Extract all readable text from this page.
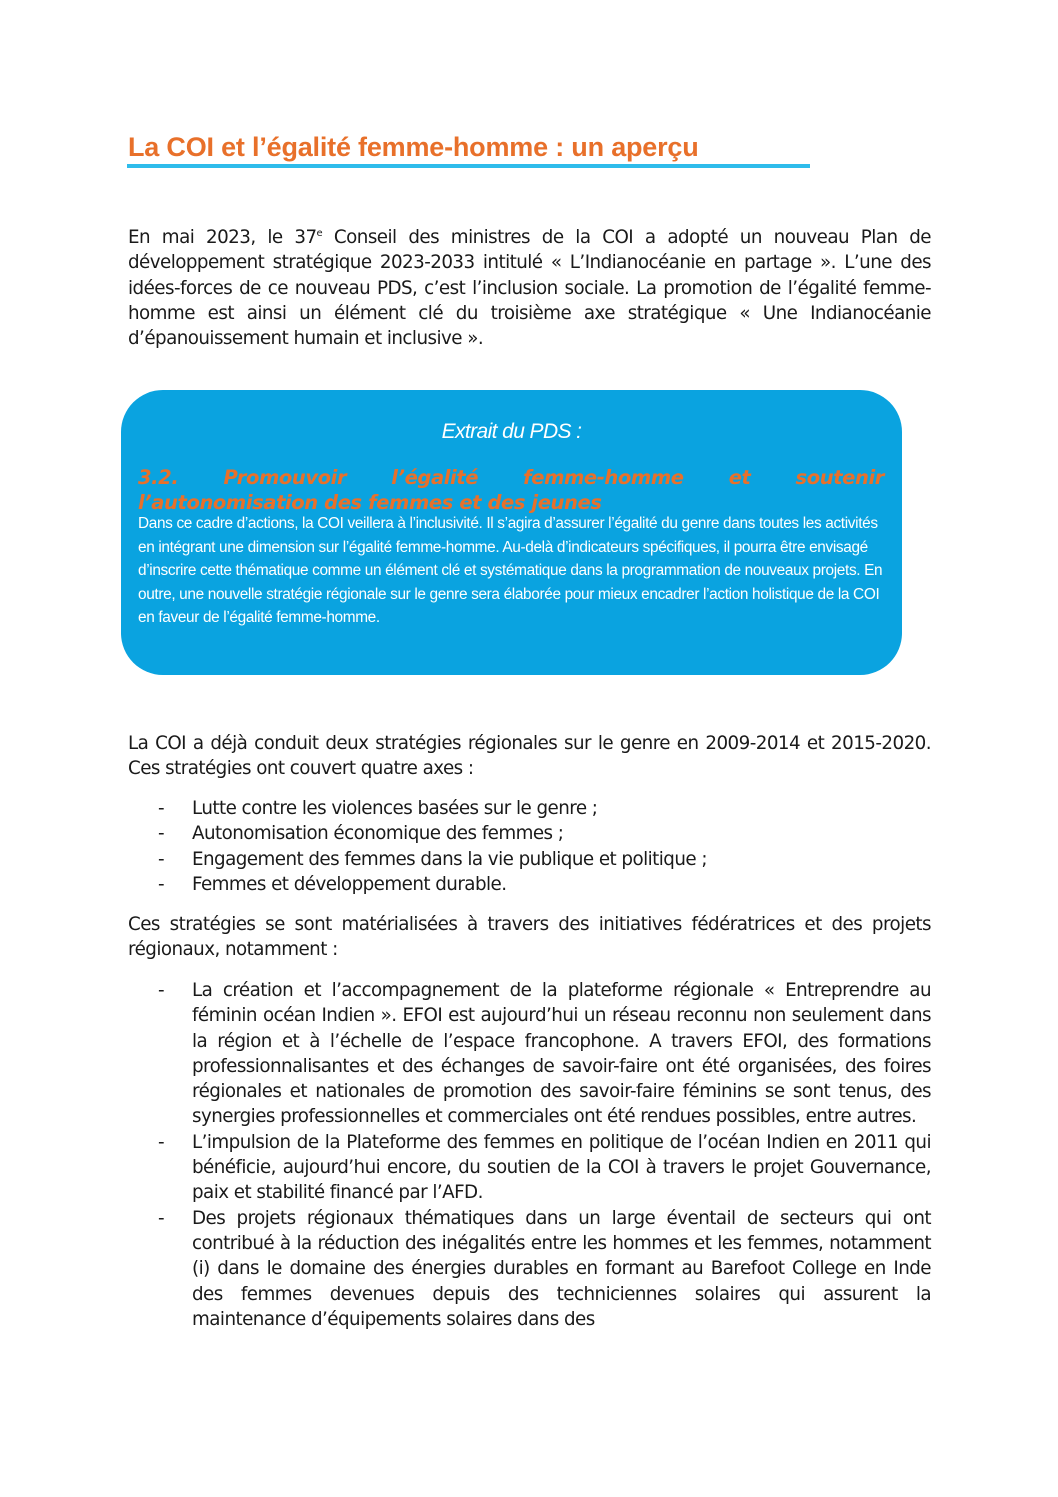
La COI et l’égalité femme-homme : un aperçu
En mai 2023, le 37e Conseil des ministres de la COI a adopté un nouveau Plan de développement stratégique 2023-2033 intitulé « L’Indianocéanie en partage ». L’une des idées-forces de ce nouveau PDS, c’est l’inclusion sociale. La promotion de l’égalité femme-homme est ainsi un élément clé du troisième axe stratégique « Une Indianocéanie d’épanouissement humain et inclusive ».
Extrait du PDS :
3.2. Promouvoir l’égalité femme-homme et soutenir
l’autonomisation des femmes et des jeunes
Dans ce cadre d’actions, la COI veillera à l’inclusivité. Il s’agira d’assurer l’égalité du genre dans toutes les activités en intégrant une dimension sur l’égalité femme-homme. Au-delà d’indicateurs spécifiques, il pourra être envisagé d’inscrire cette thématique comme un élément clé et systématique dans la programmation de nouveaux projets. En outre, une nouvelle stratégie régionale sur le genre sera élaborée pour mieux encadrer l’action holistique de la COI en faveur de l’égalité femme-homme.
La COI a déjà conduit deux stratégies régionales sur le genre en 2009-2014 et 2015-2020. Ces stratégies ont couvert quatre axes :
- Lutte contre les violences basées sur le genre ;
- Autonomisation économique des femmes ;
- Engagement des femmes dans la vie publique et politique ;
- Femmes et développement durable.
Ces stratégies se sont matérialisées à travers des initiatives fédératrices et des projets régionaux, notamment :
- La création et l’accompagnement de la plateforme régionale « Entreprendre au féminin océan Indien ». EFOI est aujourd’hui un réseau reconnu non seulement dans la région et à l’échelle de l’espace francophone. A travers EFOI, des formations professionnalisantes et des échanges de savoir-faire ont été organisées, des foires régionales et nationales de promotion des savoir-faire féminins se sont tenus, des synergies professionnelles et commerciales ont été rendues possibles, entre autres.
- L’impulsion de la Plateforme des femmes en politique de l’océan Indien en 2011 qui bénéficie, aujourd’hui encore, du soutien de la COI à travers le projet Gouvernance, paix et stabilité financé par l’AFD.
- Des projets régionaux thématiques dans un large éventail de secteurs qui ont contribué à la réduction des inégalités entre les hommes et les femmes, notamment (i) dans le domaine des énergies durables en formant au Barefoot College en Inde des femmes devenues depuis des techniciennes solaires qui assurent la maintenance d’équipements solaires dans des
